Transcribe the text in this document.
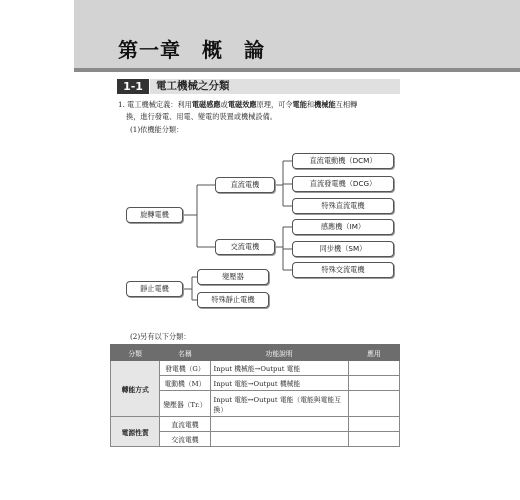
第一章　概　論
1-1	電工機械之分類
1. 電工機械定義：利用電磁感應或電磁效應原理，可令電能和機械能互相轉
換，進行發電、用電、變電的裝置或機械設備。
(1)依機能分類：
旋轉電機
直流電機
交流電機
直流電動機（DCM）
直流發電機（DCG）
特殊直流電機
感應機（IM）
同步機（SM）
特殊交流電機
靜止電機
變壓器
特殊靜止電機
(2)另有以下分類：
分類	名稱	功能說明	應用
轉能方式	發電機（G）	Input 機械能→Output 電能	
	電動機（M）	Input 電能→Output 機械能	
	變壓器（Tr.）	Input 電能↔Output 電能（電能與電能互換）	
電源性質	直流電機		
	交流電機		
